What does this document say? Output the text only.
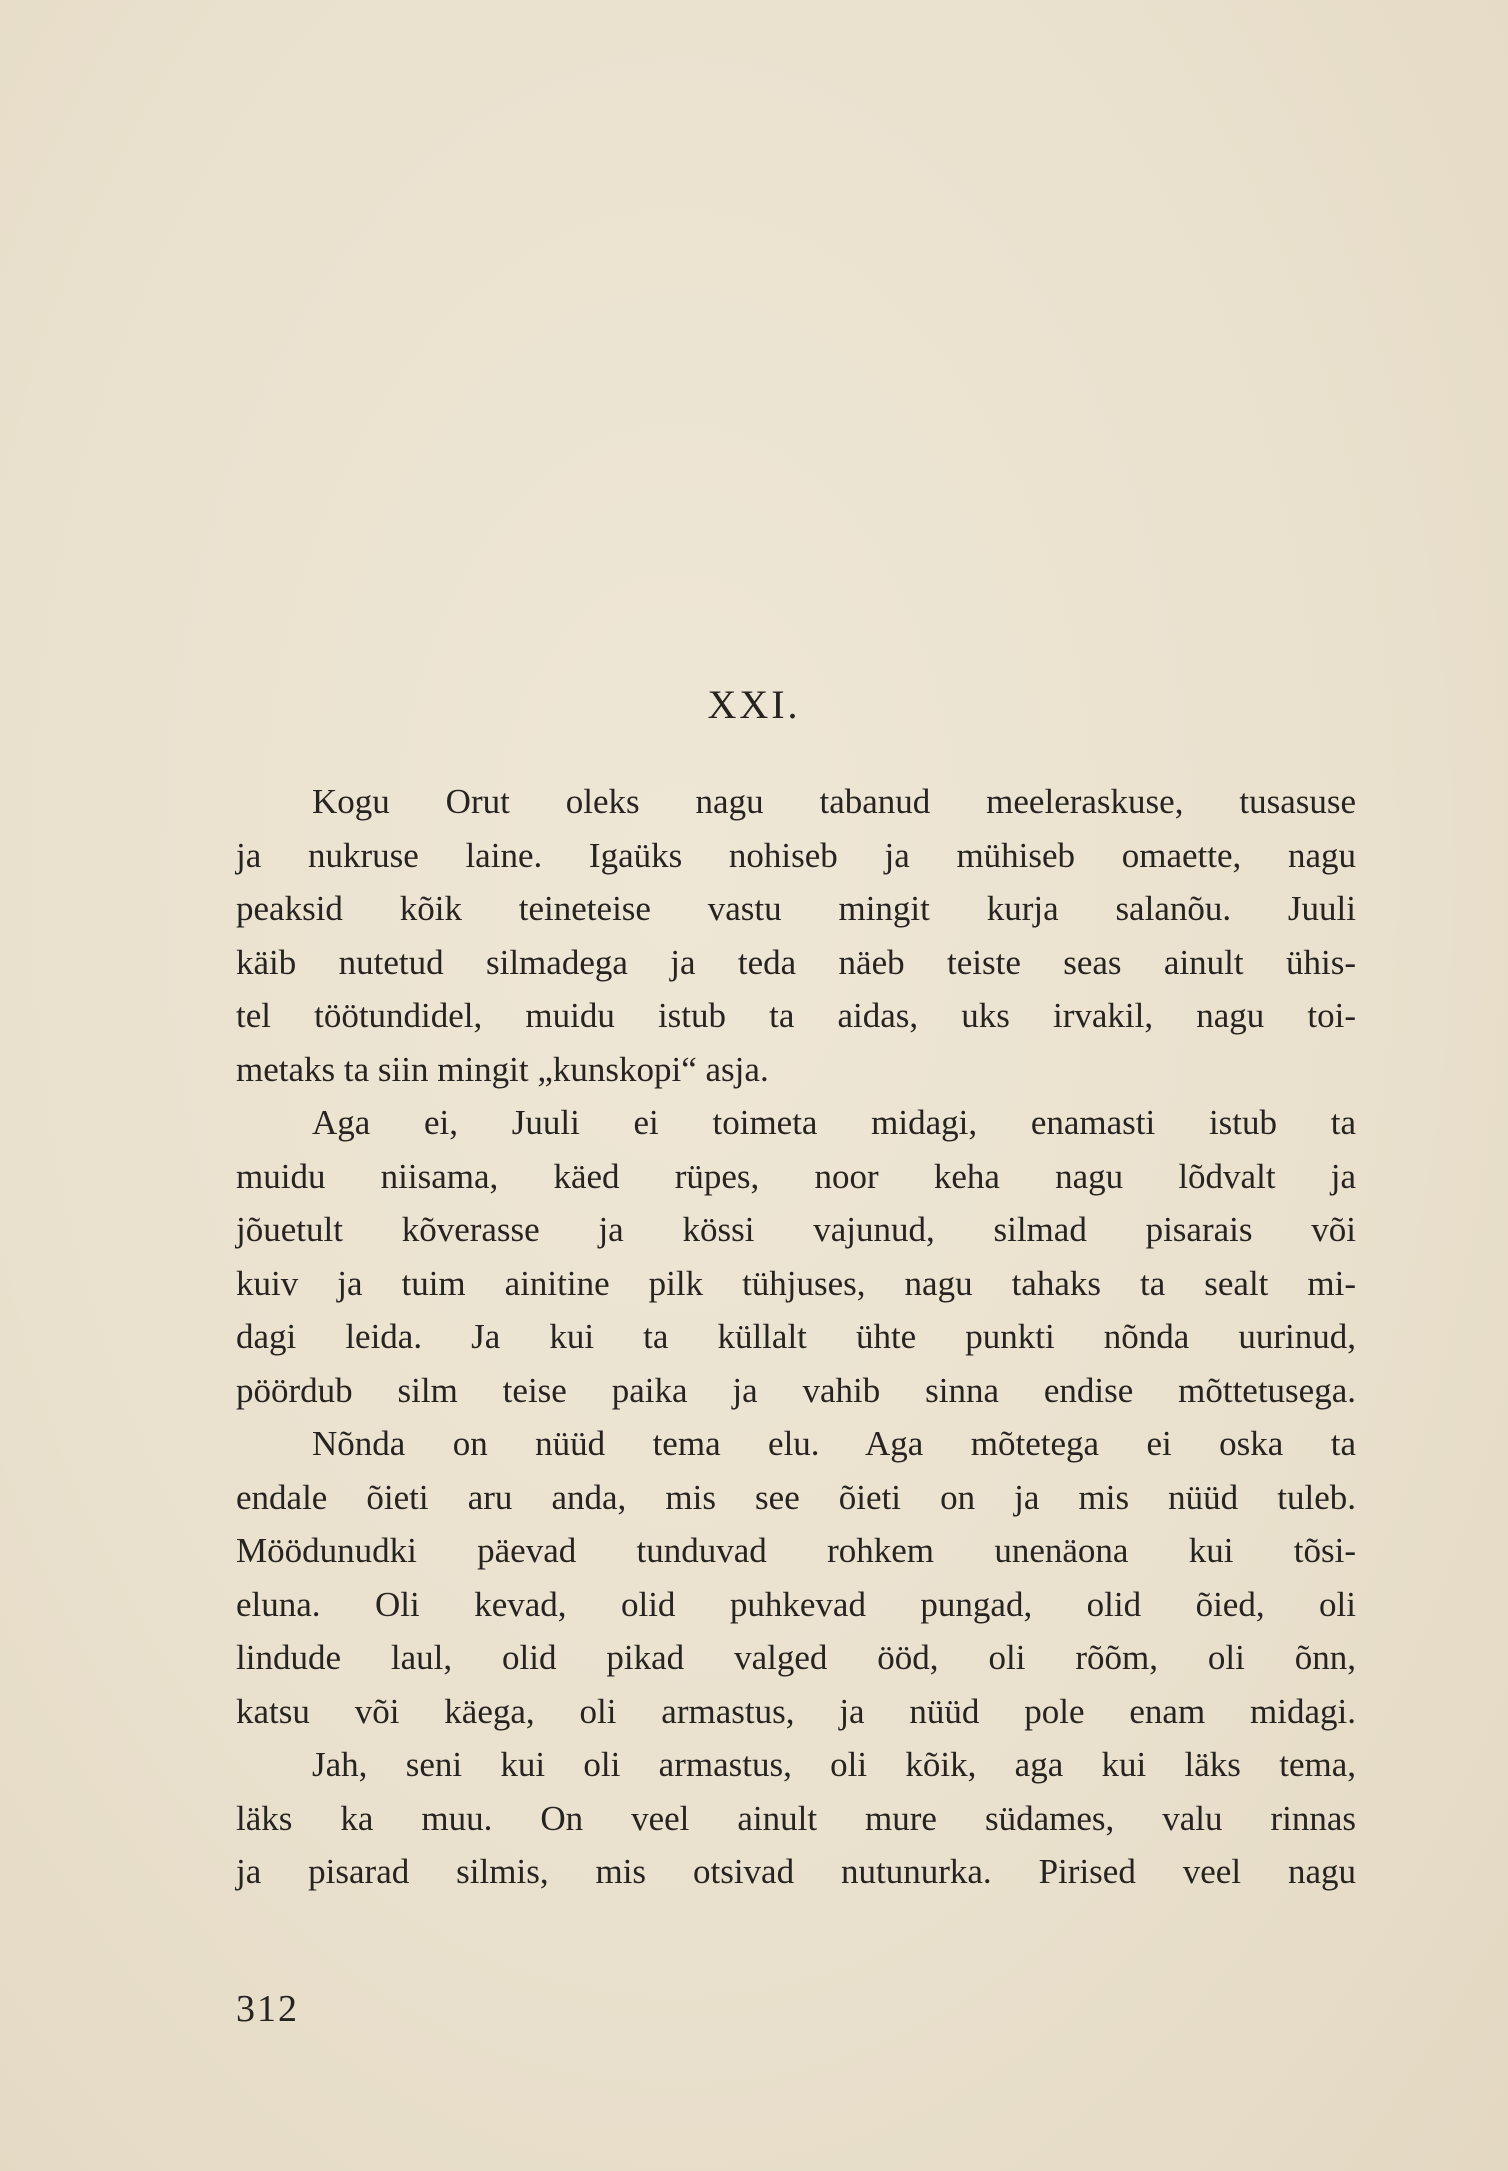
XXI.
Kogu Orut oleks nagu tabanud meeleraskuse, tusasuse
ja nukruse laine. Igaüks nohiseb ja mühiseb omaette, nagu
peaksid kõik teineteise vastu mingit kurja salanõu. Juuli
käib nutetud silmadega ja teda näeb teiste seas ainult ühis-
tel töötundidel, muidu istub ta aidas, uks irvakil, nagu toi-
metaks ta siin mingit „kunskopi“ asja.
Aga ei, Juuli ei toimeta midagi, enamasti istub ta
muidu niisama, käed rüpes, noor keha nagu lõdvalt ja
jõuetult kõverasse ja kössi vajunud, silmad pisarais või
kuiv ja tuim ainitine pilk tühjuses, nagu tahaks ta sealt mi-
dagi leida. Ja kui ta küllalt ühte punkti nõnda uurinud,
pöördub silm teise paika ja vahib sinna endise mõttetusega.
Nõnda on nüüd tema elu. Aga mõtetega ei oska ta
endale õieti aru anda, mis see õieti on ja mis nüüd tuleb.
Möödunudki päevad tunduvad rohkem unenäona kui tõsi-
eluna. Oli kevad, olid puhkevad pungad, olid õied, oli
lindude laul, olid pikad valged ööd, oli rõõm, oli õnn,
katsu või käega, oli armastus, ja nüüd pole enam midagi.
Jah, seni kui oli armastus, oli kõik, aga kui läks tema,
läks ka muu. On veel ainult mure südames, valu rinnas
ja pisarad silmis, mis otsivad nutunurka. Pirised veel nagu
312
